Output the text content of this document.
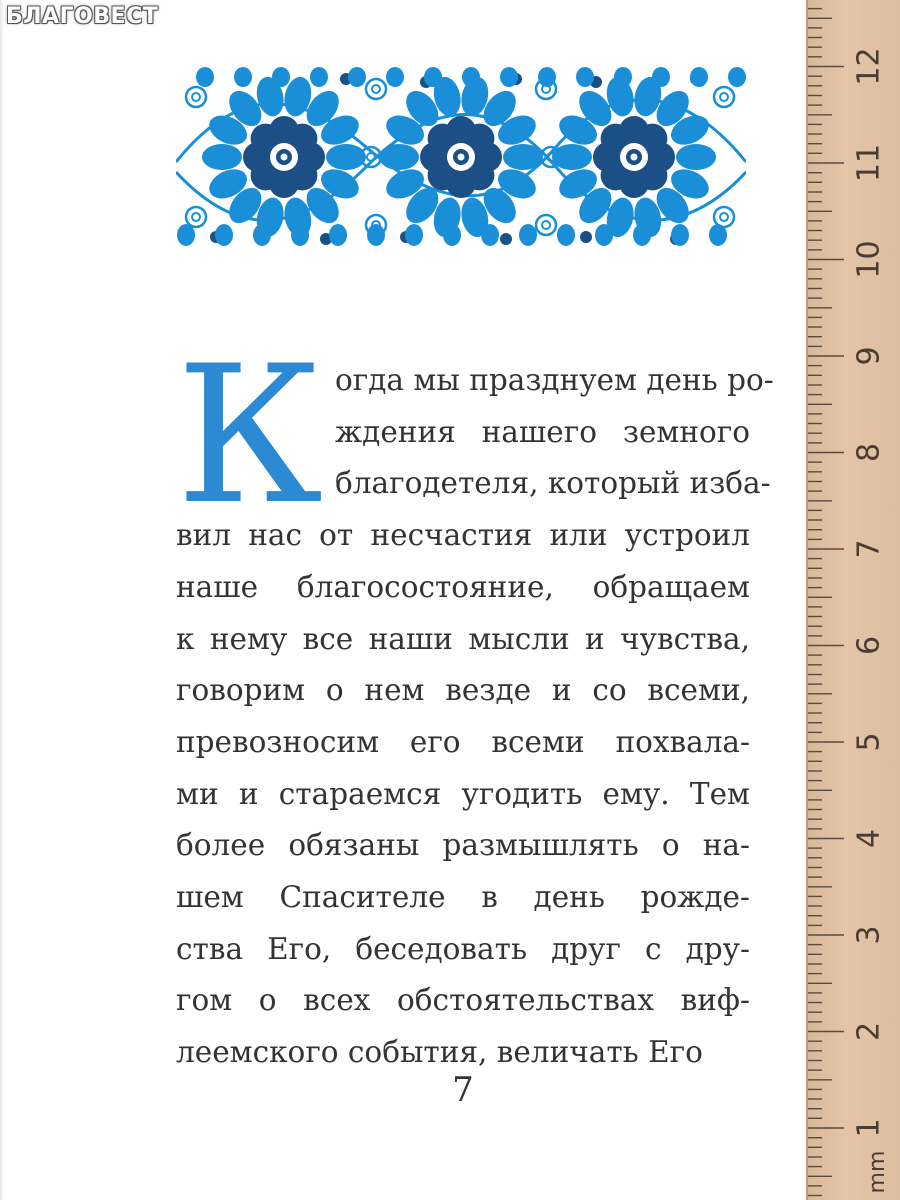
БЛАГОВЕСТ
К огда мы празднуем день ро-
ждения нашего земного
благодетеля, который изба-
вил нас от несчастия или устроил
наше благосостояние, обращаем
к нему все наши мысли и чувства,
говорим о нем везде и со всеми,
превозносим его всеми похвала-
ми и стараемся угодить ему. Тем
более обязаны размышлять о на-
шем Спасителе в день рожде-
ства Его, беседовать друг с дру-
гом о всех обстоятельствах виф-
леемского события, величать Его
7
12
11
10
9
8
7
6
5
4
3
2
1
mm
